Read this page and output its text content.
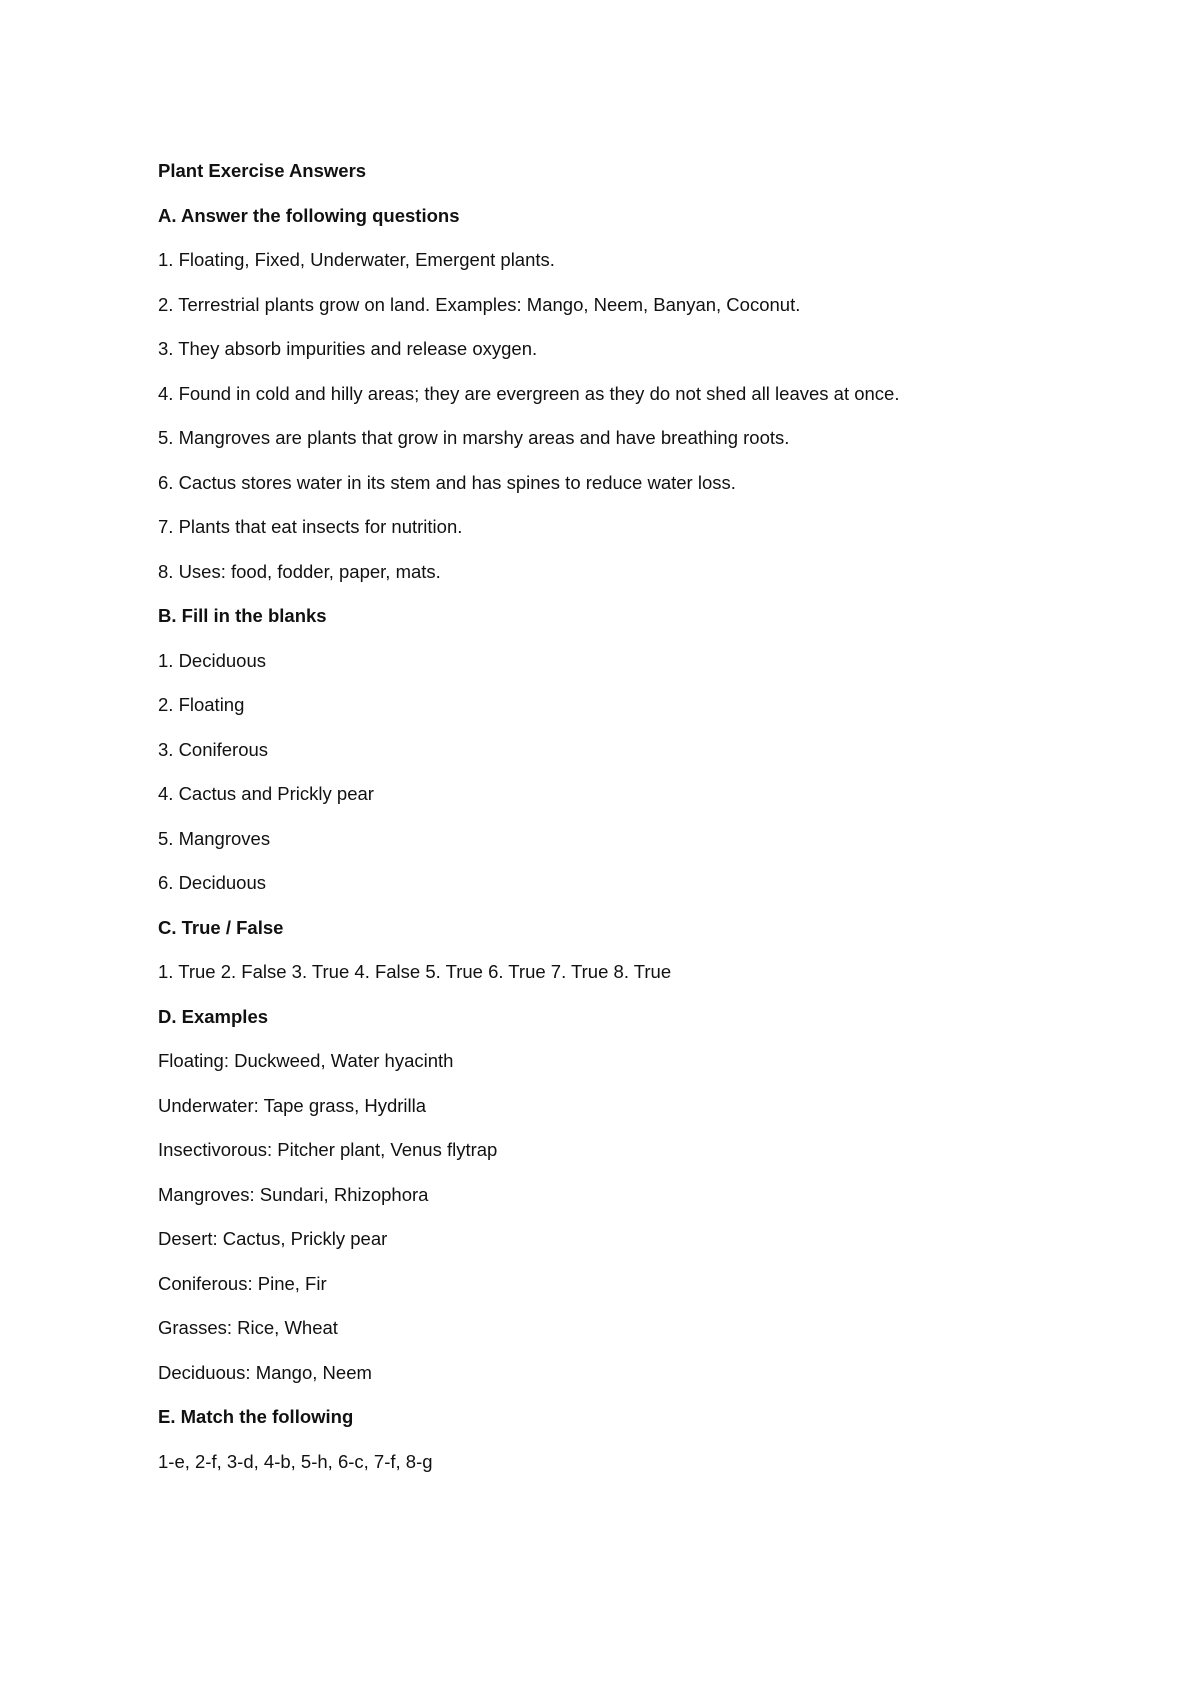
Plant Exercise Answers
A. Answer the following questions
1. Floating, Fixed, Underwater, Emergent plants.
2. Terrestrial plants grow on land. Examples: Mango, Neem, Banyan, Coconut.
3. They absorb impurities and release oxygen.
4. Found in cold and hilly areas; they are evergreen as they do not shed all leaves at once.
5. Mangroves are plants that grow in marshy areas and have breathing roots.
6. Cactus stores water in its stem and has spines to reduce water loss.
7. Plants that eat insects for nutrition.
8. Uses: food, fodder, paper, mats.
B. Fill in the blanks
1. Deciduous
2. Floating
3. Coniferous
4. Cactus and Prickly pear
5. Mangroves
6. Deciduous
C. True / False
1. True 2. False 3. True 4. False 5. True 6. True 7. True 8. True
D. Examples
Floating: Duckweed, Water hyacinth
Underwater: Tape grass, Hydrilla
Insectivorous: Pitcher plant, Venus flytrap
Mangroves: Sundari, Rhizophora
Desert: Cactus, Prickly pear
Coniferous: Pine, Fir
Grasses: Rice, Wheat
Deciduous: Mango, Neem
E. Match the following
1-e, 2-f, 3-d, 4-b, 5-h, 6-c, 7-f, 8-g
